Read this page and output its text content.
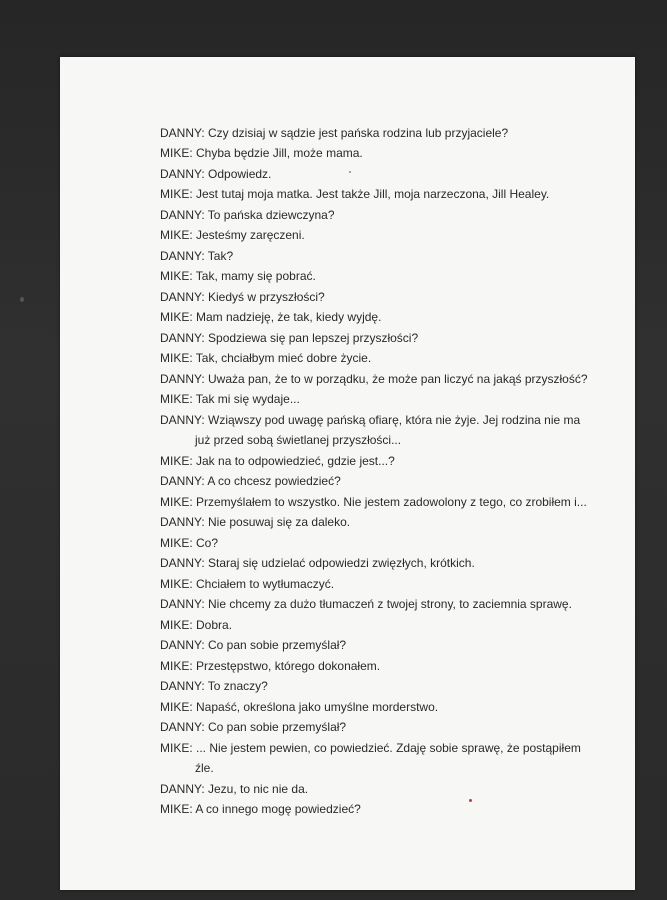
DANNY: Czy dzisiaj w sądzie jest pańska rodzina lub przyjaciele?
MIKE: Chyba będzie Jill, może mama.
DANNY: Odpowiedz.
MIKE: Jest tutaj moja matka. Jest także Jill, moja narzeczona, Jill Healey.
DANNY: To pańska dziewczyna?
MIKE: Jesteśmy zaręczeni.
DANNY: Tak?
MIKE: Tak, mamy się pobrać.
DANNY: Kiedyś w przyszłości?
MIKE: Mam nadzieję, że tak, kiedy wyjdę.
DANNY: Spodziewa się pan lepszej przyszłości?
MIKE: Tak, chciałbym mieć dobre życie.
DANNY: Uważa pan, że to w porządku, że może pan liczyć na jakąś przyszłość?
MIKE: Tak mi się wydaje...
DANNY: Wziąwszy pod uwagę pańską ofiarę, która nie żyje. Jej rodzina nie ma
już przed sobą świetlanej przyszłości...
MIKE: Jak na to odpowiedzieć, gdzie jest...?
DANNY: A co chcesz powiedzieć?
MIKE: Przemyślałem to wszystko. Nie jestem zadowolony z tego, co zrobiłem i...
DANNY: Nie posuwaj się za daleko.
MIKE: Co?
DANNY: Staraj się udzielać odpowiedzi zwięzłych, krótkich.
MIKE: Chciałem to wytłumaczyć.
DANNY: Nie chcemy za dużo tłumaczeń z twojej strony, to zaciemnia sprawę.
MIKE: Dobra.
DANNY: Co pan sobie przemyślał?
MIKE: Przestępstwo, którego dokonałem.
DANNY: To znaczy?
MIKE: Napaść, określona jako umyślne morderstwo.
DANNY: Co pan sobie przemyślał?
MIKE: ... Nie jestem pewien, co powiedzieć. Zdaję sobie sprawę, że postąpiłem
źle.
DANNY: Jezu, to nic nie da.
MIKE: A co innego mogę powiedzieć?
